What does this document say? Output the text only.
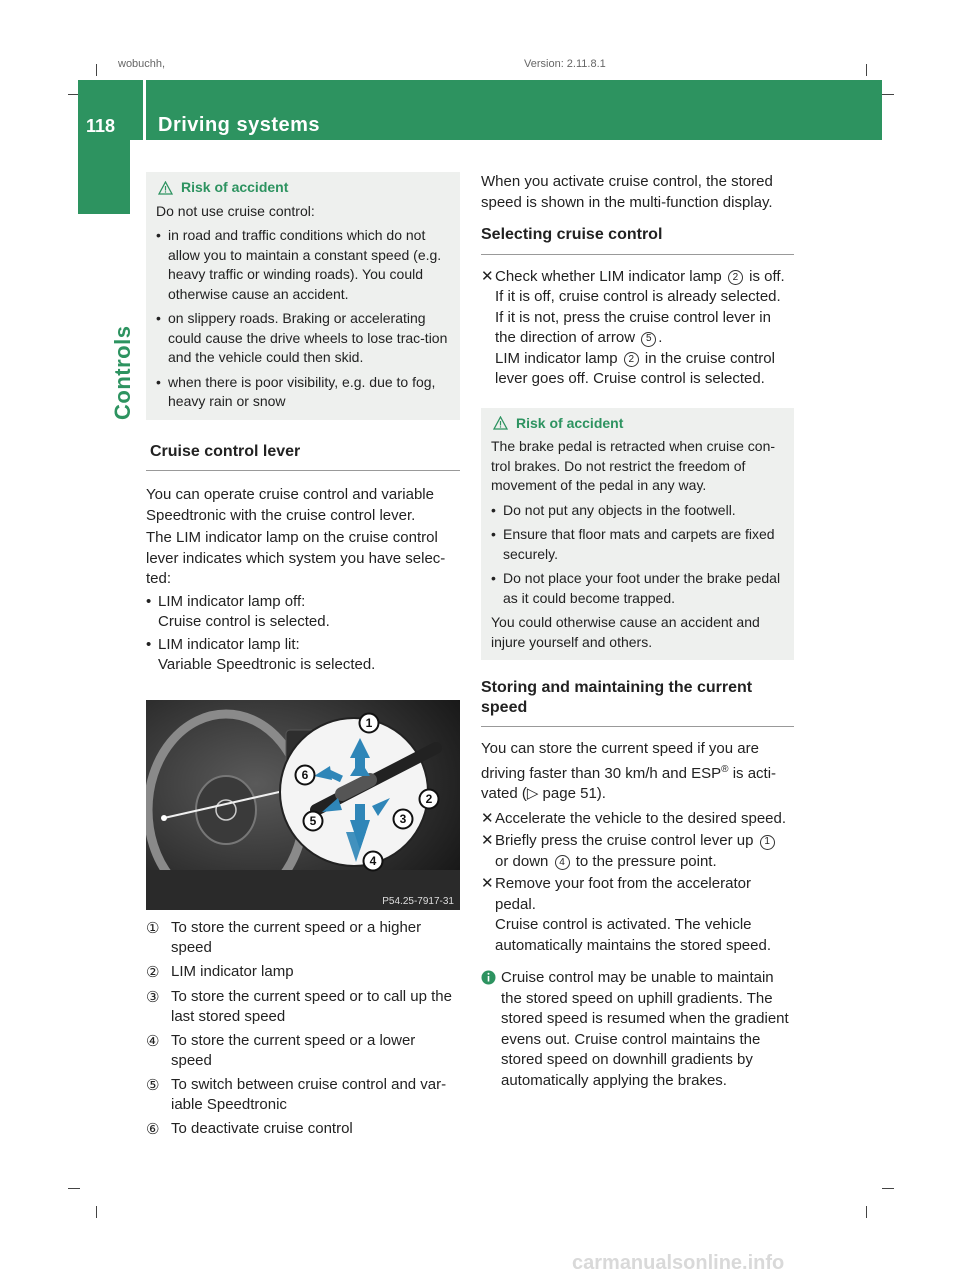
wobuchh,	Version: 2.11.8.1
118 Driving systems
Controls
Risk of accident

Do not use cruise control:

• in road and traffic conditions which do not allow you to maintain a constant speed (e.g. heavy traffic or winding roads). You could otherwise cause an accident.
• on slippery roads. Braking or accelerating could cause the drive wheels to lose trac-tion and the vehicle could then skid.
• when there is poor visibility, e.g. due to fog, heavy rain or snow
Cruise control lever

You can operate cruise control and variable Speedtronic with the cruise control lever.

The LIM indicator lamp on the cruise control lever indicates which system you have selec-ted:

• LIM indicator lamp off:
Cruise control is selected.
• LIM indicator lamp lit:
Variable Speedtronic is selected.
1
2
3
4
5
6
P54.25-7917-31
① To store the current speed or a higher speed
② LIM indicator lamp
③ To store the current speed or to call up the last stored speed
④ To store the current speed or a lower speed
⑤ To switch between cruise control and var-iable Speedtronic
⑥ To deactivate cruise control

When you activate cruise control, the stored speed is shown in the multi-function display.

Selecting cruise control
✕ Check whether LIM indicator lamp 2 is off.
If it is off, cruise control is already selected.
If it is not, press the cruise control lever in the direction of arrow 5 .
LIM indicator lamp 2 in the cruise control lever goes off. Cruise control is selected.
Risk of accident

The brake pedal is retracted when cruise con-trol brakes. Do not restrict the freedom of movement of the pedal in any way.

• Do not put any objects in the footwell.
• Ensure that floor mats and carpets are fixed securely.
• Do not place your foot under the brake pedal as it could become trapped.

You could otherwise cause an accident and injure yourself and others.

Storing and maintaining the current speed

You can store the current speed if you are driving faster than 30 km/h and ESP® is acti-vated (▷ page 51).

✕ Accelerate the vehicle to the desired speed.
✕ Briefly press the cruise control lever up 1 or down 4 to the pressure point.
✕ Remove your foot from the accelerator pedal.
Cruise control is activated. The vehicle automatically maintains the stored speed.
Cruise control may be unable to maintain the stored speed on uphill gradients. The stored speed is resumed when the gradient evens out. Cruise control maintains the stored speed on downhill gradients by automatically applying the brakes.
carmanualsonline.info
